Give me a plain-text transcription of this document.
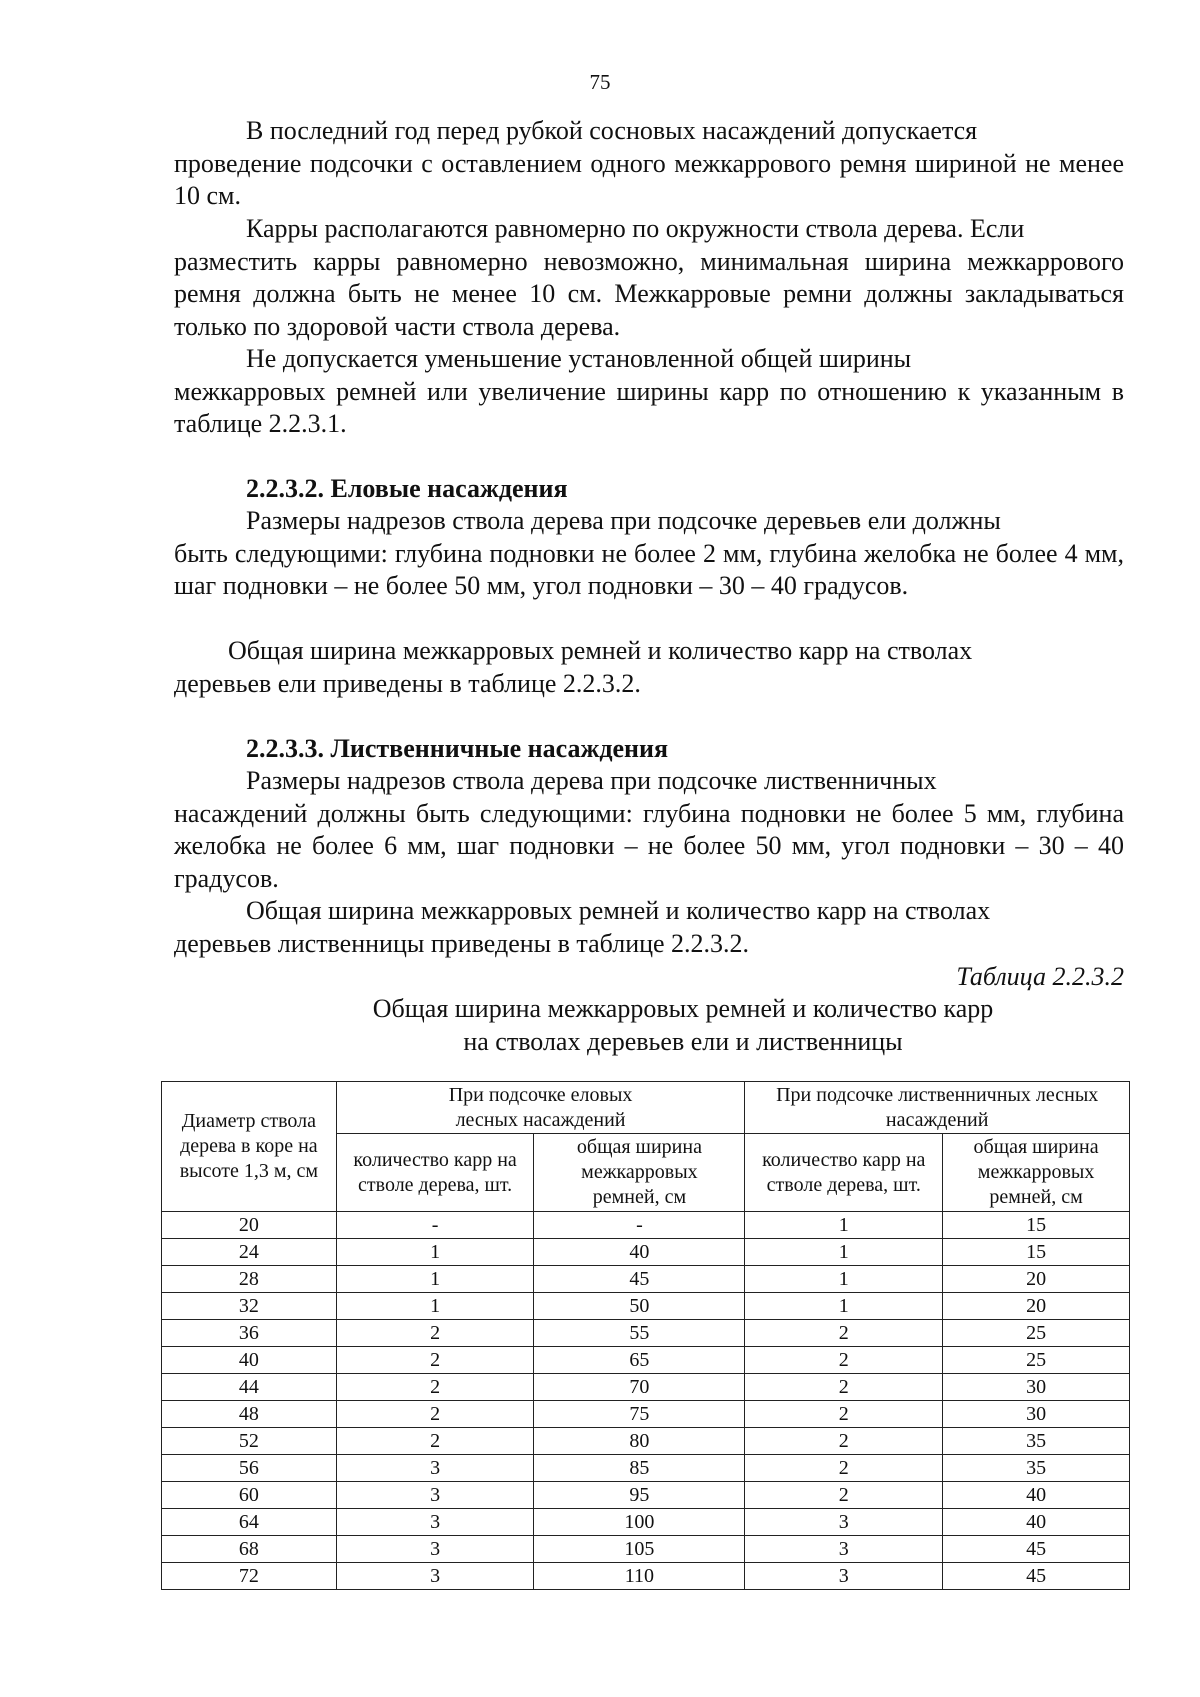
75
В последний год перед рубкой сосновых насаждений допускается
проведение подсочки с оставлением одного межкаррового ремня шириной не менее 10 см.
Карры располагаются равномерно по окружности ствола дерева. Если
разместить карры равномерно невозможно, минимальная ширина межкаррового ремня должна быть не менее 10 см. Межкарровые ремни должны закладываться только по здоровой части ствола дерева.
Не допускается уменьшение установленной общей ширины
межкарровых ремней или увеличение ширины карр по отношению к указанным в таблице 2.2.3.1.
2.2.3.2. Еловые насаждения
Размеры надрезов ствола дерева при подсочке деревьев ели должны
быть следующими: глубина подновки не более 2 мм, глубина желобка не более 4 мм, шаг подновки – не более 50 мм, угол подновки – 30 – 40 градусов.
Общая ширина межкарровых ремней и количество карр на стволах
деревьев ели приведены в таблице 2.2.3.2.
2.2.3.3. Лиственничные насаждения
Размеры надрезов ствола дерева при подсочке лиственничных
насаждений должны быть следующими: глубина подновки не более 5 мм, глубина желобка не более 6 мм, шаг подновки – не более 50 мм, угол подновки – 30 – 40 градусов.
Общая ширина межкарровых ремней и количество карр на стволах
деревьев лиственницы приведены в таблице 2.2.3.2.
Таблица 2.2.3.2
Общая ширина межкарровых ремней и количество карр
на стволах деревьев ели и лиственницы
Диаметр ствола дерева в коре на высоте 1,3 м, см	При подсочке еловых лесных насаждений		При подсочке лиственничных лесных насаждений	
	количество карр на стволе дерева, шт.	общая ширина межкарровых ремней, см	количество карр на стволе дерева, шт.	общая ширина межкарровых ремней, см
20	-	-	1	15
24	1	40	1	15
28	1	45	1	20
32	1	50	1	20
36	2	55	2	25
40	2	65	2	25
44	2	70	2	30
48	2	75	2	30
52	2	80	2	35
56	3	85	2	35
60	3	95	2	40
64	3	100	3	40
68	3	105	3	45
72	3	110	3	45
